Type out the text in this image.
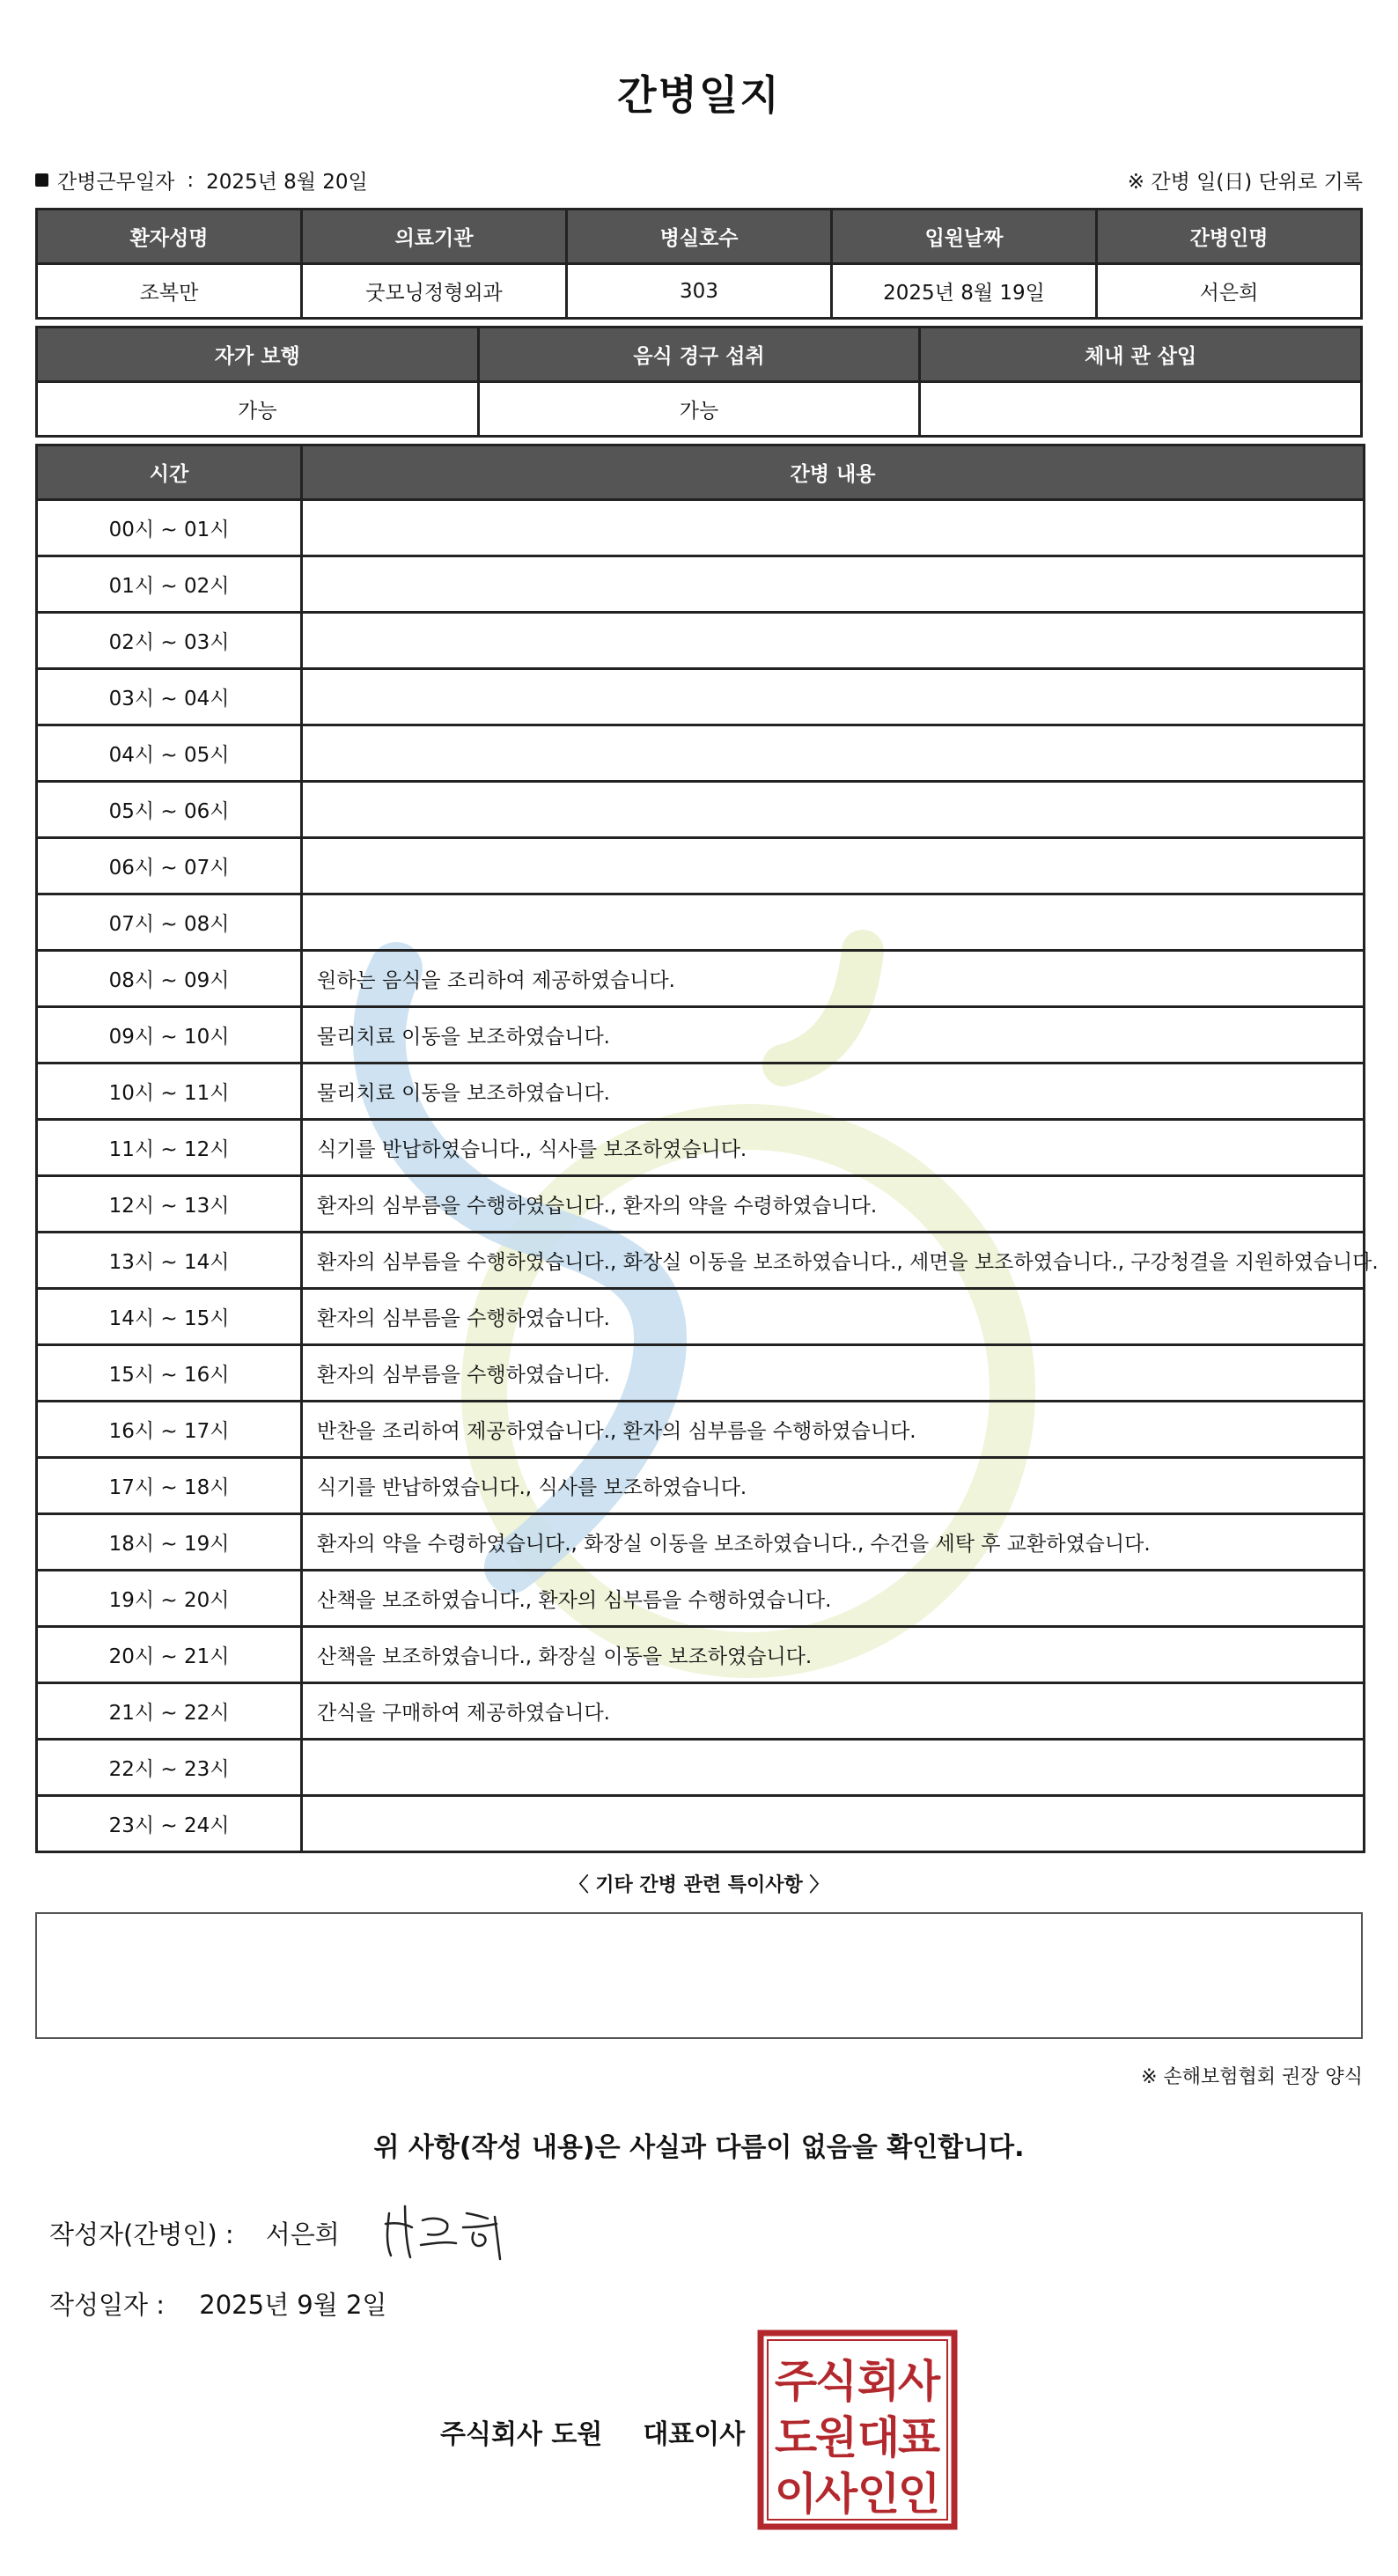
간병일지
간병근무일자 : 2025년 8월 20일	※ 간병 일(日) 단위로 기록
환자성명	의료기관	병실호수	입원날짜	간병인명
조복만	굿모닝정형외과	303	2025년 8월 19일	서은희
자가 보행	음식 경구 섭취	체내 관 삽입
가능	가능	
시간	간병 내용
00시 ~ 01시	
01시 ~ 02시	
02시 ~ 03시	
03시 ~ 04시	
04시 ~ 05시	
05시 ~ 06시	
06시 ~ 07시	
07시 ~ 08시	
08시 ~ 09시	원하는 음식을 조리하여 제공하였습니다.
09시 ~ 10시	물리치료 이동을 보조하였습니다.
10시 ~ 11시	물리치료 이동을 보조하였습니다.
11시 ~ 12시	식기를 반납하였습니다., 식사를 보조하였습니다.
12시 ~ 13시	환자의 심부름을 수행하였습니다., 환자의 약을 수령하였습니다.
13시 ~ 14시	환자의 심부름을 수행하였습니다., 화장실 이동을 보조하였습니다., 세면을 보조하였습니다., 구강청결을 지원하였습니다.
14시 ~ 15시	환자의 심부름을 수행하였습니다.
15시 ~ 16시	환자의 심부름을 수행하였습니다.
16시 ~ 17시	반찬을 조리하여 제공하였습니다., 환자의 심부름을 수행하였습니다.
17시 ~ 18시	식기를 반납하였습니다., 식사를 보조하였습니다.
18시 ~ 19시	환자의 약을 수령하였습니다., 화장실 이동을 보조하였습니다., 수건을 세탁 후 교환하였습니다.
19시 ~ 20시	산책을 보조하였습니다., 환자의 심부름을 수행하였습니다.
20시 ~ 21시	산책을 보조하였습니다., 화장실 이동을 보조하였습니다.
21시 ~ 22시	간식을 구매하여 제공하였습니다.
22시 ~ 23시	
23시 ~ 24시	
〈 기타 간병 관련 특이사항 〉
※ 손해보험협회 권장 양식
위 사항(작성 내용)은 사실과 다름이 없음을 확인합니다.
작성자(간병인) : 서은희
작성일자 : 2025년 9월 2일
주식회사 도원 대표이사
주
식 회
사
도
원 대
표
이
사 인
인
